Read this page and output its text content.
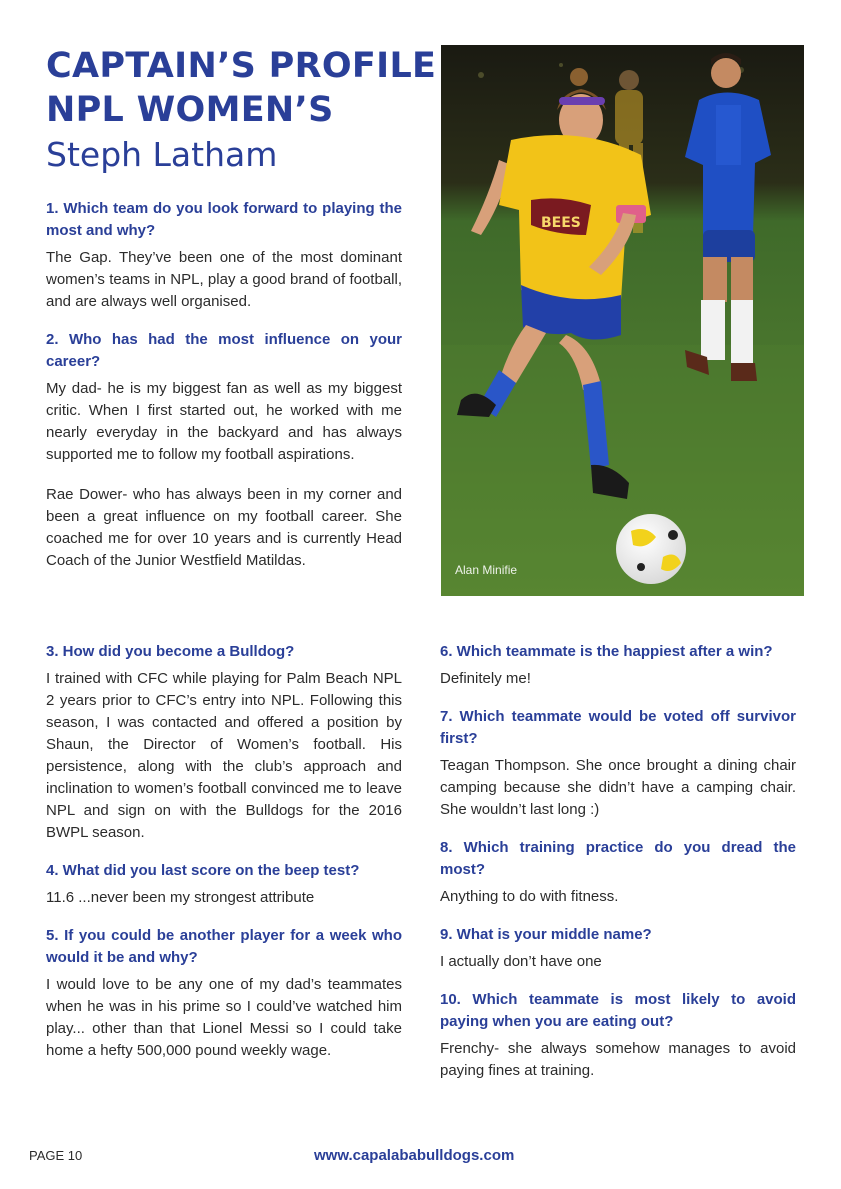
CAPTAIN’S PROFILE
NPL WOMEN’S
Steph Latham
1. Which team do you look forward to playing the most and why?
The Gap. They’ve been one of the most dominant women’s teams in NPL, play a good brand of football, and are always well organised.
2. Who has had the most influence on your career?
My dad- he is my biggest fan as well as my biggest critic. When I first started out, he worked with me nearly everyday in the backyard and has always supported me to follow my football aspirations.
Rae Dower- who has always been in my corner and been a great influence on my football career. She coached me for over 10 years and is currently Head Coach of the Junior Westfield Matildas.
3. How did you become a Bulldog?
I trained with CFC while playing for Palm Beach NPL 2 years prior to CFC’s entry into NPL. Following this season, I was contacted and offered a position by Shaun, the Director of Women’s football. His persistence, along with the club’s approach and inclination to women’s football convinced me to leave NPL and sign on with the Bulldogs for the 2016 BWPL season.
4. What did you last score on the beep test?
11.6 ...never been my strongest attribute
5. If you could be another player for a week who would it be and why?
I would love to be any one of my dad’s teammates when he was in his prime so I could’ve watched him play... other than that Lionel Messi so I could take home a hefty 500,000 pound weekly wage.
BEES
Alan Minifie
6. Which teammate is the happiest after a win?
Definitely me!
7. Which teammate would be voted off survivor first?
Teagan Thompson. She once brought a dining chair camping because she didn’t have a camping chair. She wouldn’t last long :)
8. Which training practice do you dread the most?
Anything to do with fitness.
9. What is your middle name?
I actually don’t have one
10. Which teammate is most likely to avoid paying when you are eating out?
Frenchy- she always somehow manages to avoid paying fines at training.
PAGE 10	www.capalababulldogs.com
